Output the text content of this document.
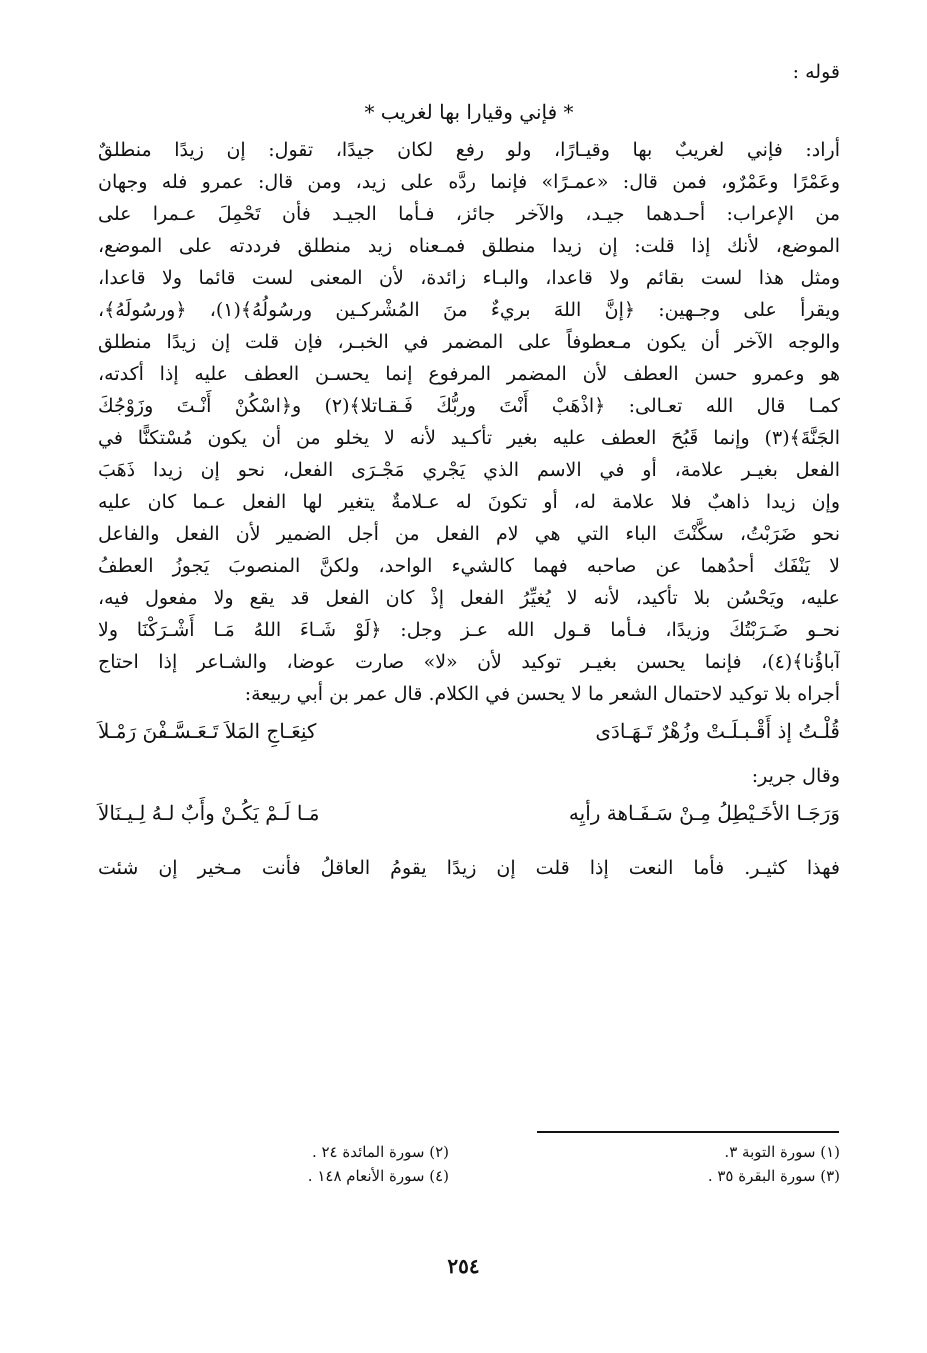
قوله :

* فإني وقيارا بها لغريب *

أراد: فإني لغريبٌ بها وقيـارًا، ولو رفع لكان جيدًا، تقول: إن زيدًا منطلقٌ

وعَمْرًا وعَمْرٌو، فمن قال: «عمـرًا» فإنما ردَّه على زيد، ومن قال: عمرو فله وجهان

من الإعراب: أحـدهما جيـد، والآخر جائز، فـأما الجيـد فأن تَحْمِلَ عـمرا على

الموضع، لأنك إذا قلت: إن زيدا منطلق فمـعناه زيد منطلق فرددته على الموضع،

ومثل هذا لست بقائم ولا قاعدا، والبـاء زائدة، لأن المعنى لست قائما ولا قاعدا،

ويقرأ على وجـهين: ﴿إنَّ اللهَ بريءٌ منَ المُشْركـين ورسُولُهُ﴾(١)، ﴿ورسُولَهُ﴾،

والوجه الآخر أن يكون مـعطوفاً على المضمر في الخبـر، فإن قلت إن زيدًا منطلق

هو وعمرو حسن العطف لأن المضمر المرفوع إنما يحسـن العطف عليه إذا أكدته،

كمـا قال الله تعـالى: ﴿اذْهَبْ أَنْتَ وربُّكَ فَـقـاتلا﴾(٢) و﴿اسْكُنْ أَنْـتَ وزَوْجُكَ

الجَنَّةَ﴾(٣) وإنما قَبُحَ العطف عليه بغير تأكـيد لأنه لا يخلو من أن يكون مُسْتكنًّا في

الفعل بغيـر علامة، أو في الاسم الذي يَجْري مَجْـرَى الفعل، نحو إن زيدا ذَهَبَ

وإن زيدا ذاهبٌ فلا علامة له، أو تكونَ له عـلامةٌ يتغير لها الفعل عـما كان عليه

نحو ضَرَبْتُ، سكَّنْتَ الباء التي هي لام الفعل من أجل الضمير لأن الفعل والفاعل

لا يَنْفَك أحدُهما عن صاحبه فهما كالشيء الواحد، ولكنَّ المنصوبَ يَجوزُ العطفُ

عليه، ويَحْسُن بلا تأكيد، لأنه لا يُغيِّرُ الفعل إذْ كان الفعل قد يقع ولا مفعول فيه،

نحـو ضَـرَبْتُكَ وزيدًا، فـأما قـول الله عـز وجل: ﴿لَوْ شَـاءَ اللهُ مَـا أَشْـرَكْنَا ولا

آباؤُنا﴾(٤)، فإنما يحسن بغيـر توكيد لأن «لا» صارت عوضا، والشـاعر إذا احتاج

أجراه بلا توكيد لاحتمال الشعر ما لا يحسن في الكلام. قال عمر بن أبي ربيعة:

قُلْـتُ إذ أَقْـبـلَـتْ وزُهْرٌ تَـهَـادَى
كنِعَـاجِ المَلاَ تَـعَـسَّـفْنَ رَمْـلاَ

وقال جرير:

وَرَجَـا الأخَـيْطِلُ مِـنْ سَـفَـاهة رأيِه
مَـا لَـمْ يَكُـنْ وأَبٌ لـهُ لِـيـنَالاَ

فهذا كثيـر. فأما النعت إذا قلت إن زيدًا يقومُ العاقلُ فأنت مـخير إن شئت

(١) سورة التوبة ٣.
(٢) سورة المائدة ٢٤ .
(٣) سورة البقرة ٣٥ .
(٤) سورة الأنعام ١٤٨ .
٢٥٤
